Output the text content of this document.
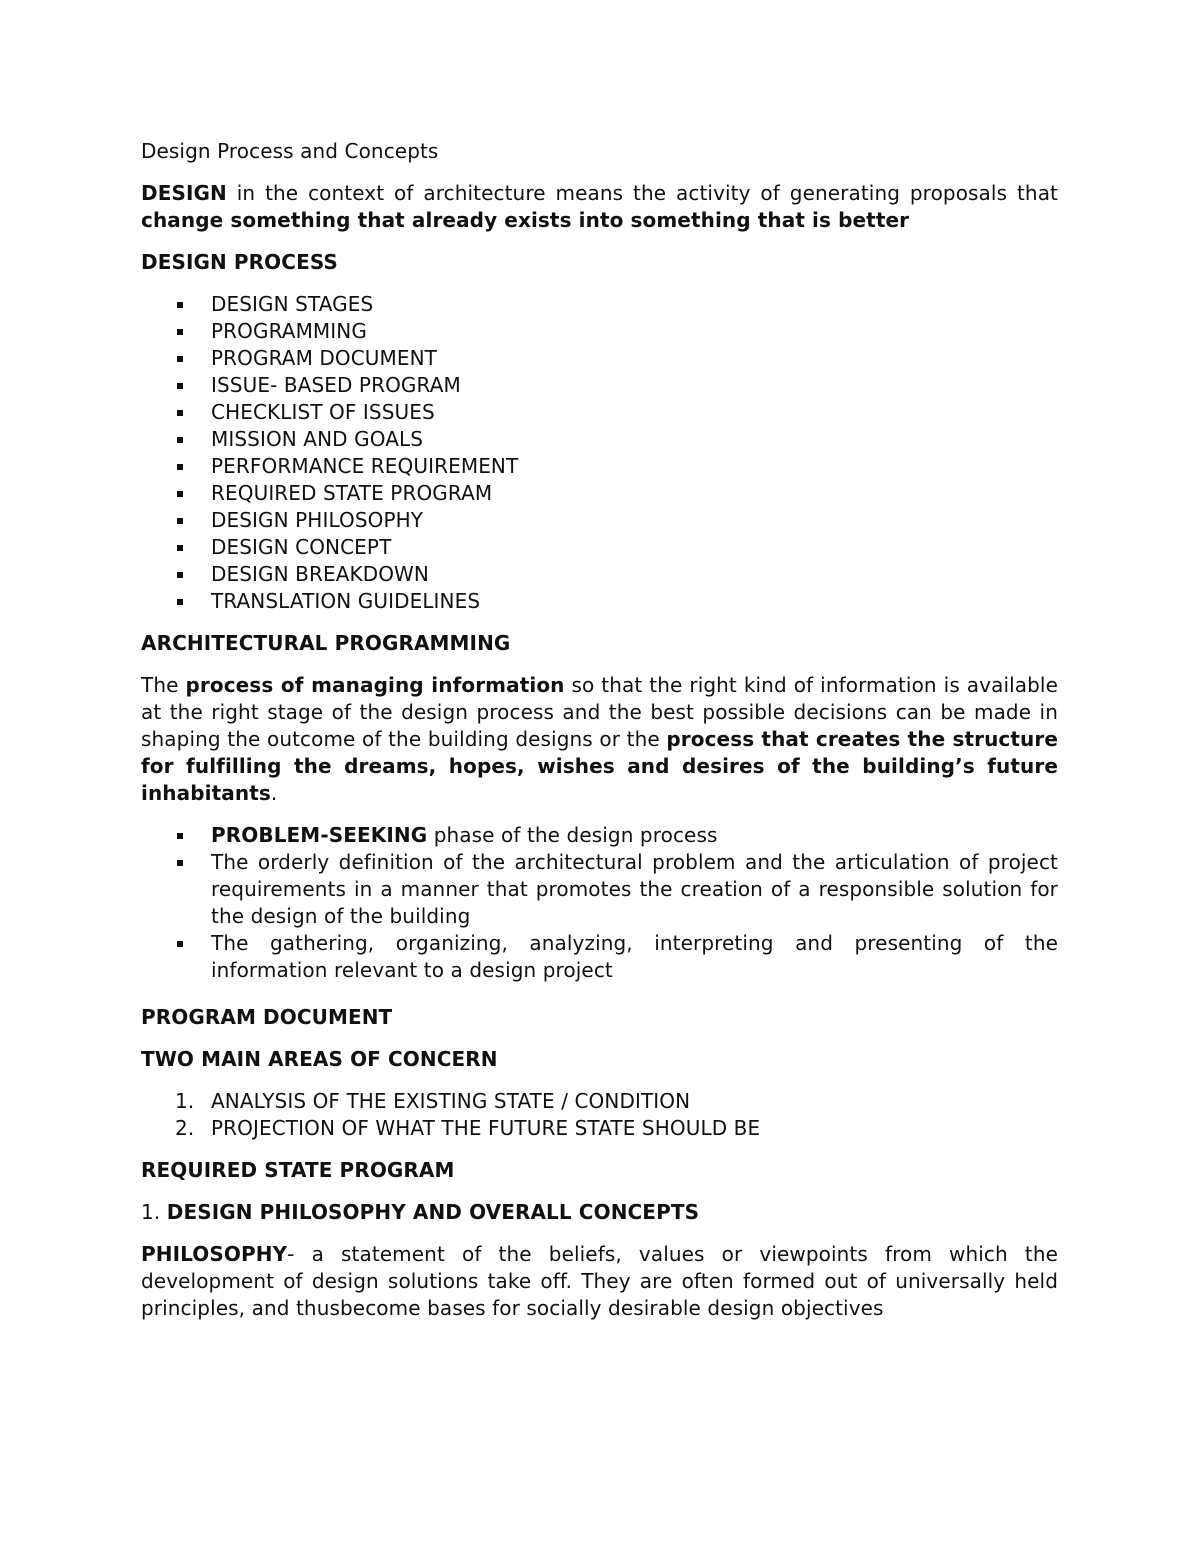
Design Process and Concepts

DESIGN in the context of architecture means the activity of generating proposals that change something that already exists into something that is better

DESIGN PROCESS

DESIGN STAGES
PROGRAMMING
PROGRAM DOCUMENT
ISSUE- BASED PROGRAM
CHECKLIST OF ISSUES
MISSION AND GOALS
PERFORMANCE REQUIREMENT
REQUIRED STATE PROGRAM
DESIGN PHILOSOPHY
DESIGN CONCEPT
DESIGN BREAKDOWN
TRANSLATION GUIDELINES

ARCHITECTURAL PROGRAMMING

The process of managing information so that the right kind of information is available at the right stage of the design process and the best possible decisions can be made in shaping the outcome of the building designs or the process that creates the structure for fulfilling the dreams, hopes, wishes and desires of the building’s future inhabitants.

PROBLEM-SEEKING phase of the design process
The orderly definition of the architectural problem and the articulation of project requirements in a manner that promotes the creation of a responsible solution for the design of the building
The gathering, organizing, analyzing, interpreting and presenting of the information relevant to a design project

PROGRAM DOCUMENT

TWO MAIN AREAS OF CONCERN

1. ANALYSIS OF THE EXISTING STATE / CONDITION
2. PROJECTION OF WHAT THE FUTURE STATE SHOULD BE

REQUIRED STATE PROGRAM

1. DESIGN PHILOSOPHY AND OVERALL CONCEPTS

PHILOSOPHY- a statement of the beliefs, values or viewpoints from which the development of design solutions take off. They are often formed out of universally held principles, and thusbecome bases for socially desirable design objectives
